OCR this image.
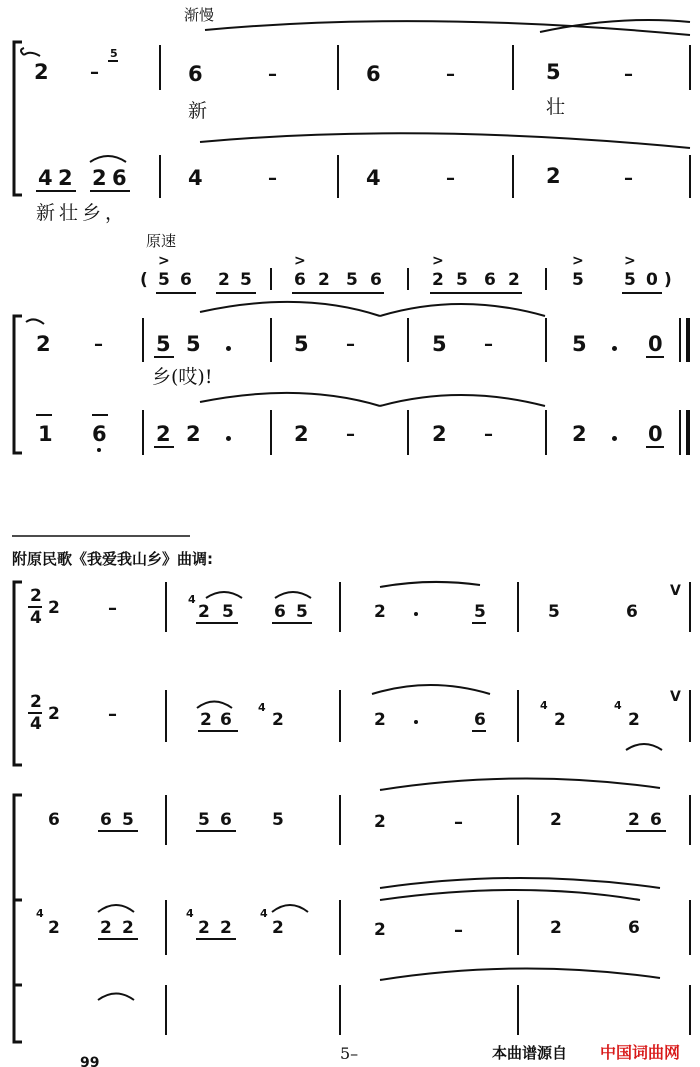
渐慢
2 –
5
6	–	6	–	5	–
新	壮
4 2 2 6	4	–	4	–	2	–
新壮乡，
原速
( 5 6 2 5 6 2 5 6	2 5 6 2	5 5 0 )
>	>	>	>	>
2 –	5 5	5 –	5 –	5	0
乡(哎)!
1 6 2 2	2 –	2 –	2	0
附原民歌《我爱我山乡》曲调:
2
4 2	–	4
2 5 6 5	2	5	5	6
V
2
4 2	–	2 6
4
2	2	6
4
2
4
2
V
6 6 5	5 6 5	2	–	2	2 6
4
2 2 2
4
2 2
4
2	2	–	2	6
99	5–	本曲谱源自 中国词曲网
